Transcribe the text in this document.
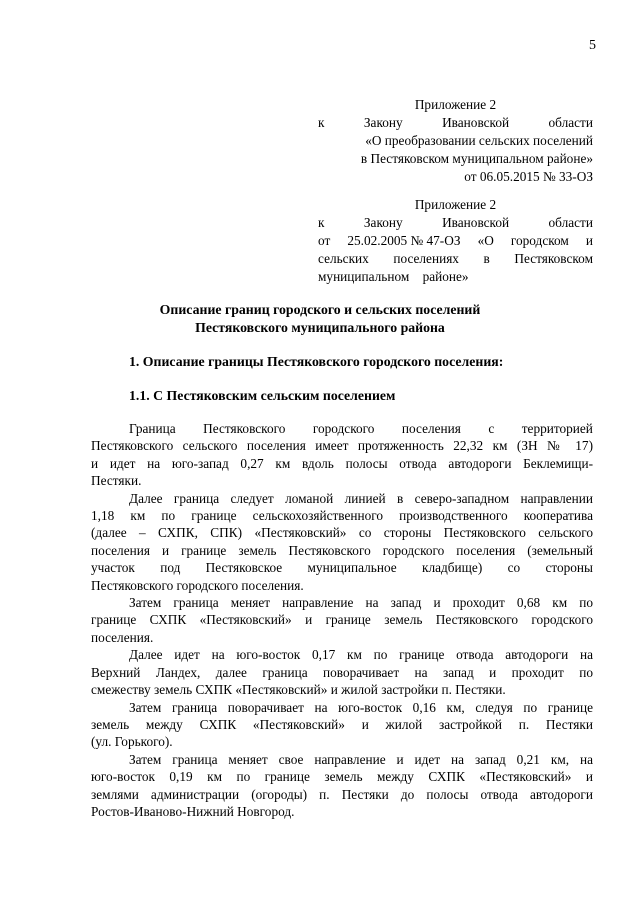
5
Приложение 2
к	Закону	Ивановской	области
«О преобразовании сельских поселений
в Пестяковском муниципальном районе»
от 06.05.2015 № 33-ОЗ
Приложение 2
к	Закону	Ивановской	области
от 25.02.2005 № 47-ОЗ «О городском и
сельских поселениях в Пестяковском
муниципальном    районе»
Описание границ городского и сельских поселений
Пестяковского муниципального района
1. Описание границы Пестяковского городского поселения:
1.1. С Пестяковским сельским поселением
Граница Пестяковского городского поселения с территорией
Пестяковского сельского поселения имеет протяженность 22,32 км (ЗН № 17)
и идет на юго-запад 0,27 км вдоль полосы отвода автодороги Беклемищи-
Пестяки.
Далее граница следует ломаной линией в северо-западном направлении
1,18 км по границе сельскохозяйственного производственного кооператива
(далее – СХПК, СПК) «Пестяковский» со стороны Пестяковского сельского
поселения и границе земель Пестяковского городского поселения (земельный
участок под Пестяковское муниципальное кладбище) со стороны
Пестяковского городского поселения.
Затем граница меняет направление на запад и проходит 0,68 км по
границе СХПК «Пестяковский» и границе земель Пестяковского городского
поселения.
Далее идет на юго-восток 0,17 км по границе отвода автодороги на
Верхний Ландех, далее граница поворачивает на запад и проходит по
смежеству земель СХПК «Пестяковский» и жилой застройки п. Пестяки.
Затем граница поворачивает на юго-восток 0,16 км, следуя по границе
земель между СХПК «Пестяковский» и жилой застройкой п. Пестяки
(ул. Горького).
Затем граница меняет свое направление и идет на запад 0,21 км, на
юго-восток 0,19 км по границе земель между СХПК «Пестяковский» и
землями администрации (огороды) п. Пестяки до полосы отвода автодороги
Ростов-Иваново-Нижний Новгород.
